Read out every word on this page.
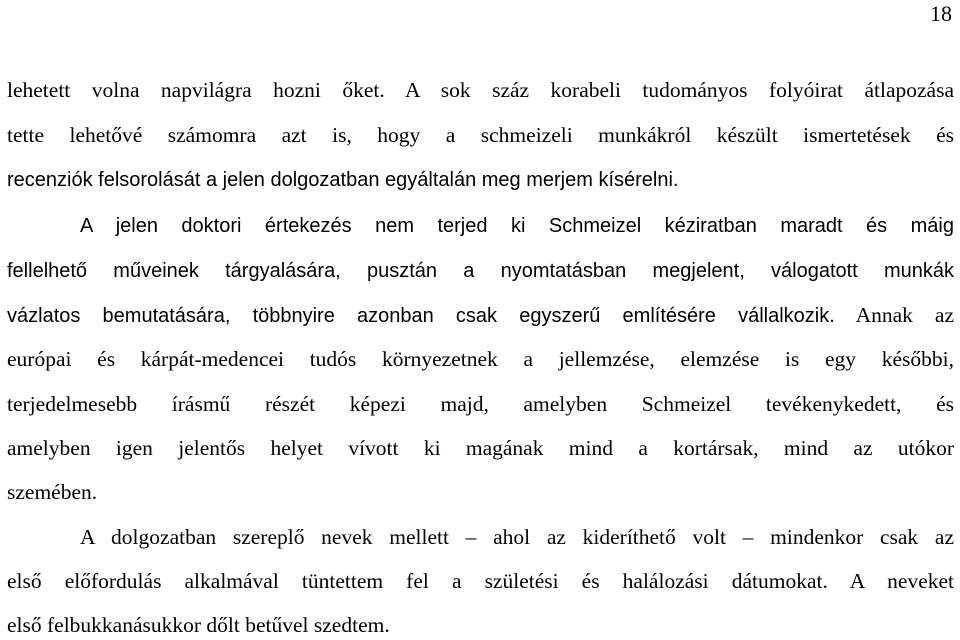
18
lehetett volna napvilágra hozni őket. A sok száz korabeli tudományos folyóirat átlapozása
tette lehetővé számomra azt is, hogy a schmeizeli munkákról készült ismertetések és
recenziók felsorolását a jelen dolgozatban egyáltalán meg merjem kísérelni.
A jelen doktori értekezés nem terjed ki Schmeizel kéziratban maradt és máig
fellelhető műveinek tárgyalására, pusztán a nyomtatásban megjelent, válogatott munkák
vázlatos bemutatására, többnyire azonban csak egyszerű említésére vállalkozik. Annak az
európai és kárpát-medencei tudós környezetnek a jellemzése, elemzése is egy későbbi,
terjedelmesebb írásmű részét képezi majd, amelyben Schmeizel tevékenykedett, és
amelyben igen jelentős helyet vívott ki magának mind a kortársak, mind az utókor
szemében.
A dolgozatban szereplő nevek mellett – ahol az kideríthető volt – mindenkor csak az
első előfordulás alkalmával tüntettem fel a születési és halálozási dátumokat. A neveket
első felbukkanásukkor dőlt betűvel szedtem.
